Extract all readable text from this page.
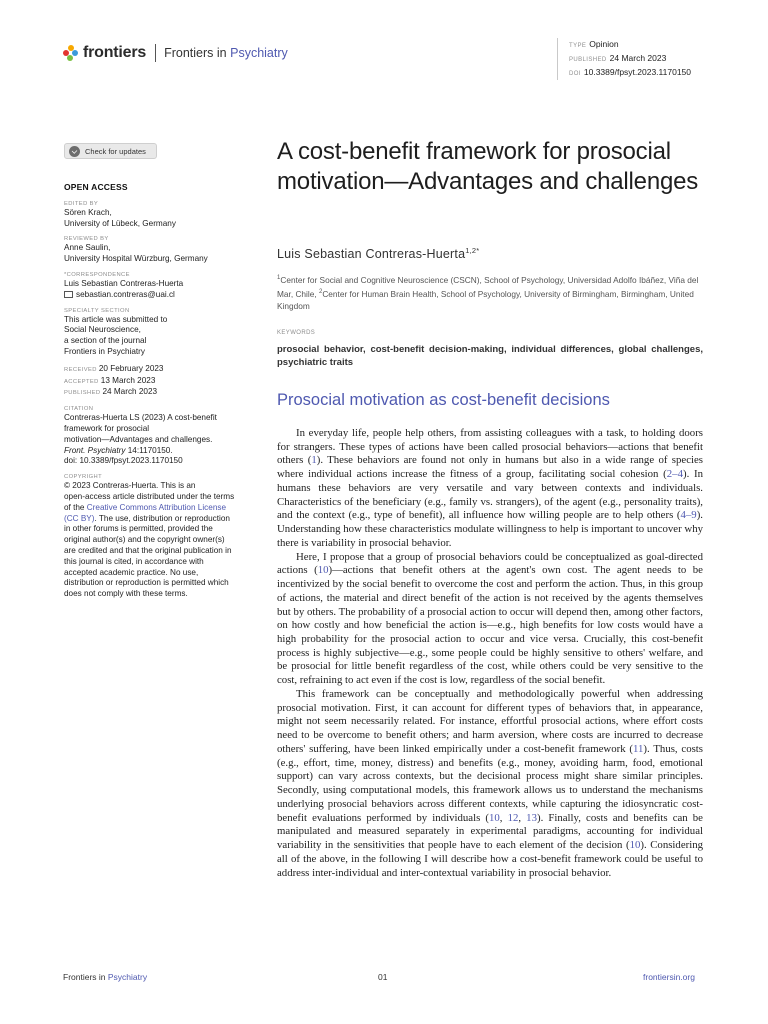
frontiers Frontiers in Psychiatry	TYPE Opinion
PUBLISHED 24 March 2023
DOI 10.3389/fpsyt.2023.1170150
Check for updates
OPEN ACCESS
EDITED BY
Sören Krach,
University of Lübeck, Germany
REVIEWED BY
Anne Saulin,
University Hospital Würzburg, Germany
*CORRESPONDENCE
Luis Sebastian Contreras-Huerta
sebastian.contreras@uai.cl
SPECIALTY SECTION
This article was submitted to
Social Neuroscience,
a section of the journal
Frontiers in Psychiatry
RECEIVED 20 February 2023
ACCEPTED 13 March 2023
PUBLISHED 24 March 2023
CITATION
Contreras-Huerta LS (2023) A cost-benefit
framework for prosocial
motivation—Advantages and challenges.
Front. Psychiatry 14:1170150.
doi: 10.3389/fpsyt.2023.1170150
COPYRIGHT
© 2023 Contreras-Huerta. This is an
open-access article distributed under the terms
of the Creative Commons Attribution License
(CC BY). The use, distribution or reproduction
in other forums is permitted, provided the
original author(s) and the copyright owner(s)
are credited and that the original publication in
this journal is cited, in accordance with
accepted academic practice. No use,
distribution or reproduction is permitted which
does not comply with these terms.
A cost-benefit framework for prosocial motivation—Advantages and challenges
Luis Sebastian Contreras-Huerta$^{1,2*}$
$^1$Center for Social and Cognitive Neuroscience (CSCN), School of Psychology, Universidad Adolfo Ibáñez, Viña del Mar, Chile, $^2$Center for Human Brain Health, School of Psychology, University of Birmingham, Birmingham, United Kingdom
KEYWORDS
prosocial behavior, cost-benefit decision-making, individual differences, global challenges, psychiatric traits
Prosocial motivation as cost-benefit decisions

In everyday life, people help others, from assisting colleagues with a task, to holding doors for strangers. These types of actions have been called prosocial behaviors—actions that benefit others (1). These behaviors are found not only in humans but also in a wide range of species where individual actions increase the fitness of a group, facilitating social cohesion (2–4). In humans these behaviors are very versatile and vary between contexts and individuals. Characteristics of the beneficiary (e.g., family vs. strangers), of the agent (e.g., personality traits), and the context (e.g., type of benefit), all influence how willing people are to help others (4–9). Understanding how these characteristics modulate willingness to help is important to uncover why there is variability in prosocial behavior.

Here, I propose that a group of prosocial behaviors could be conceptualized as goal-directed actions (10)—actions that benefit others at the agent's own cost. The agent needs to be incentivized by the social benefit to overcome the cost and perform the action. Thus, in this group of actions, the material and direct benefit of the action is not received by the agents themselves but by others. The probability of a prosocial action to occur will depend then, among other factors, on how costly and how beneficial the action is—e.g., high benefits for low costs would have a high probability for the prosocial action to occur and vice versa. Crucially, this cost-benefit process is highly subjective—e.g., some people could be highly sensitive to others' welfare, and be prosocial for little benefit regardless of the cost, while others could be very sensitive to the cost, refraining to act even if the cost is low, regardless of the social benefit.

This framework can be conceptually and methodologically powerful when addressing prosocial motivation. First, it can account for different types of behaviors that, in appearance, might not seem necessarily related. For instance, effortful prosocial actions, where effort costs need to be overcome to benefit others; and harm aversion, where costs are incurred to decrease others' suffering, have been linked empirically under a cost-benefit framework (11). Thus, costs (e.g., effort, time, money, distress) and benefits (e.g., money, avoiding harm, food, emotional support) can vary across contexts, but the decisional process might share similar principles. Secondly, using computational models, this framework allows us to understand the mechanisms underlying prosocial behaviors across different contexts, while capturing the idiosyncratic cost-benefit evaluations performed by individuals (10, 12, 13). Finally, costs and benefits can be manipulated and measured separately in experimental paradigms, accounting for individual variability in the sensitivities that people have to each element of the decision (10). Considering all of the above, in the following I will describe how a cost-benefit framework could be useful to address inter-individual and inter-contextual variability in prosocial behavior.

Frontiers in Psychiatry	01	frontiersin.org
